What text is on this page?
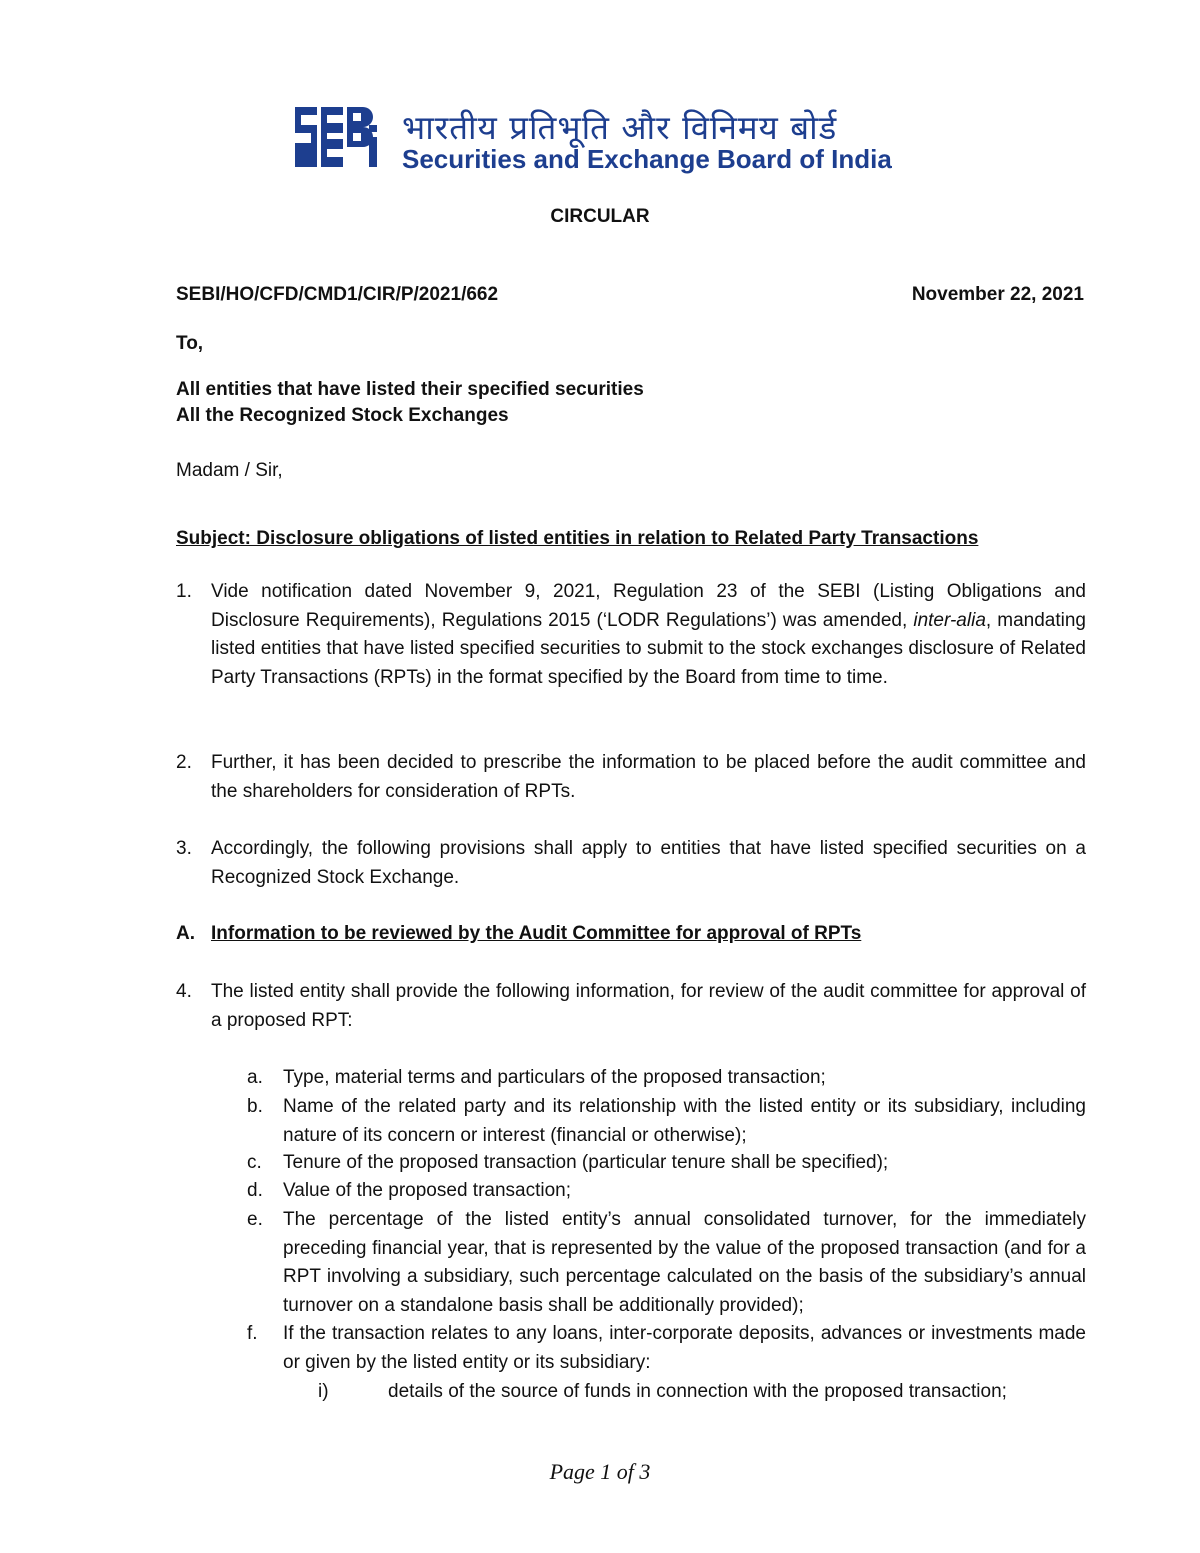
भारतीय प्रतिभूति और विनिमय बोर्ड
Securities and Exchange Board of India
CIRCULAR
SEBI/HO/CFD/CMD1/CIR/P/2021/662	November 22, 2021
To,
All entities that have listed their specified securities
All the Recognized Stock Exchanges
Madam / Sir,
Subject: Disclosure obligations of listed entities in relation to Related Party Transactions
1. Vide notification dated November 9, 2021, Regulation 23 of the SEBI (Listing Obligations and Disclosure Requirements), Regulations 2015 (‘LODR Regulations’) was amended, inter-alia, mandating listed entities that have listed specified securities to submit to the stock exchanges disclosure of Related Party Transactions (RPTs) in the format specified by the Board from time to time.
2. Further, it has been decided to prescribe the information to be placed before the audit committee and the shareholders for consideration of RPTs.
3. Accordingly, the following provisions shall apply to entities that have listed specified securities on a Recognized Stock Exchange.
A. Information to be reviewed by the Audit Committee for approval of RPTs
4. The listed entity shall provide the following information, for review of the audit committee for approval of a proposed RPT:
a. Type, material terms and particulars of the proposed transaction;
b. Name of the related party and its relationship with the listed entity or its subsidiary, including nature of its concern or interest (financial or otherwise);
c. Tenure of the proposed transaction (particular tenure shall be specified);
d. Value of the proposed transaction;
e. The percentage of the listed entity’s annual consolidated turnover, for the immediately preceding financial year, that is represented by the value of the proposed transaction (and for a RPT involving a subsidiary, such percentage calculated on the basis of the subsidiary’s annual turnover on a standalone basis shall be additionally provided);
f. If the transaction relates to any loans, inter-corporate deposits, advances or investments made or given by the listed entity or its subsidiary:
i)	details of the source of funds in connection with the proposed transaction;
Page 1 of 3
